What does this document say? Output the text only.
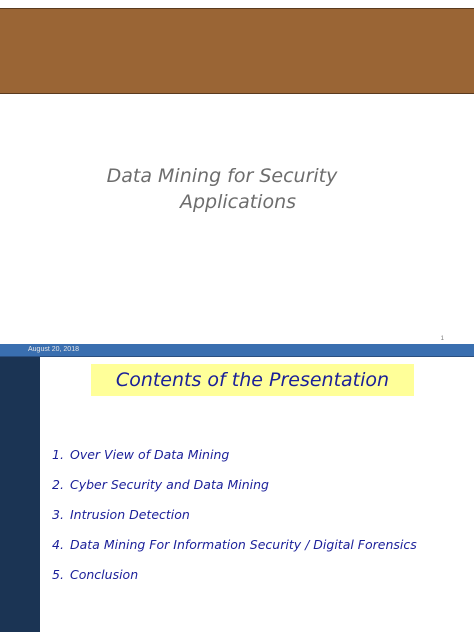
Data Mining for Security
Applications
1
August 20, 2018
Contents of the Presentation
1. Over View of Data Mining
2. Cyber Security and Data Mining
3. Intrusion Detection
4. Data Mining For Information Security / Digital Forensics
5. Conclusion
